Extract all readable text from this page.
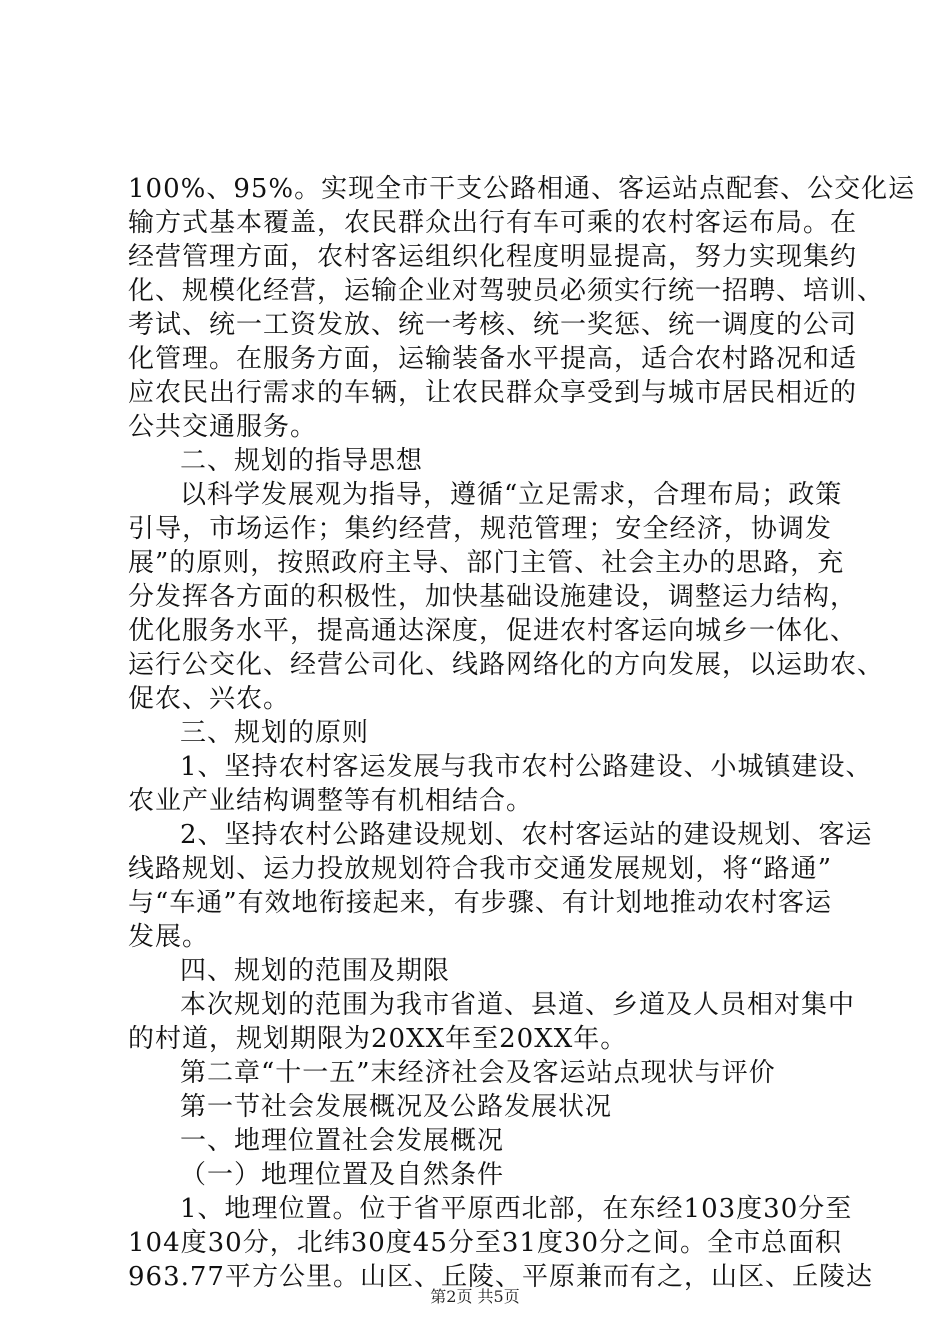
100%、95%。实现全市干支公路相通、客运站点配套、公交化运
输方式基本覆盖，农民群众出行有车可乘的农村客运布局。在
经营管理方面，农村客运组织化程度明显提高，努力实现集约
化、规模化经营，运输企业对驾驶员必须实行统一招聘、培训、
考试、统一工资发放、统一考核、统一奖惩、统一调度的公司
化管理。在服务方面，运输装备水平提高，适合农村路况和适
应农民出行需求的车辆，让农民群众享受到与城市居民相近的
公共交通服务。
二、规划的指导思想
以科学发展观为指导，遵循“立足需求，合理布局；政策
引导，市场运作；集约经营，规范管理；安全经济，协调发
展”的原则，按照政府主导、部门主管、社会主办的思路，充
分发挥各方面的积极性，加快基础设施建设，调整运力结构，
优化服务水平，提高通达深度，促进农村客运向城乡一体化、
运行公交化、经营公司化、线路网络化的方向发展，以运助农、
促农、兴农。
三、规划的原则
1、坚持农村客运发展与我市农村公路建设、小城镇建设、
农业产业结构调整等有机相结合。
2、坚持农村公路建设规划、农村客运站的建设规划、客运
线路规划、运力投放规划符合我市交通发展规划，将“路通”
与“车通”有效地衔接起来，有步骤、有计划地推动农村客运
发展。
四、规划的范围及期限
本次规划的范围为我市省道、县道、乡道及人员相对集中
的村道，规划期限为20XX年至20XX年。
第二章“十一五”末经济社会及客运站点现状与评价
第一节社会发展概况及公路发展状况
一、地理位置社会发展概况
（一）地理位置及自然条件
1、地理位置。位于省平原西北部，在东经103度30分至
104度30分，北纬30度45分至31度30分之间。全市总面积
963.77平方公里。山区、丘陵、平原兼而有之，山区、丘陵达
第2页 共5页
